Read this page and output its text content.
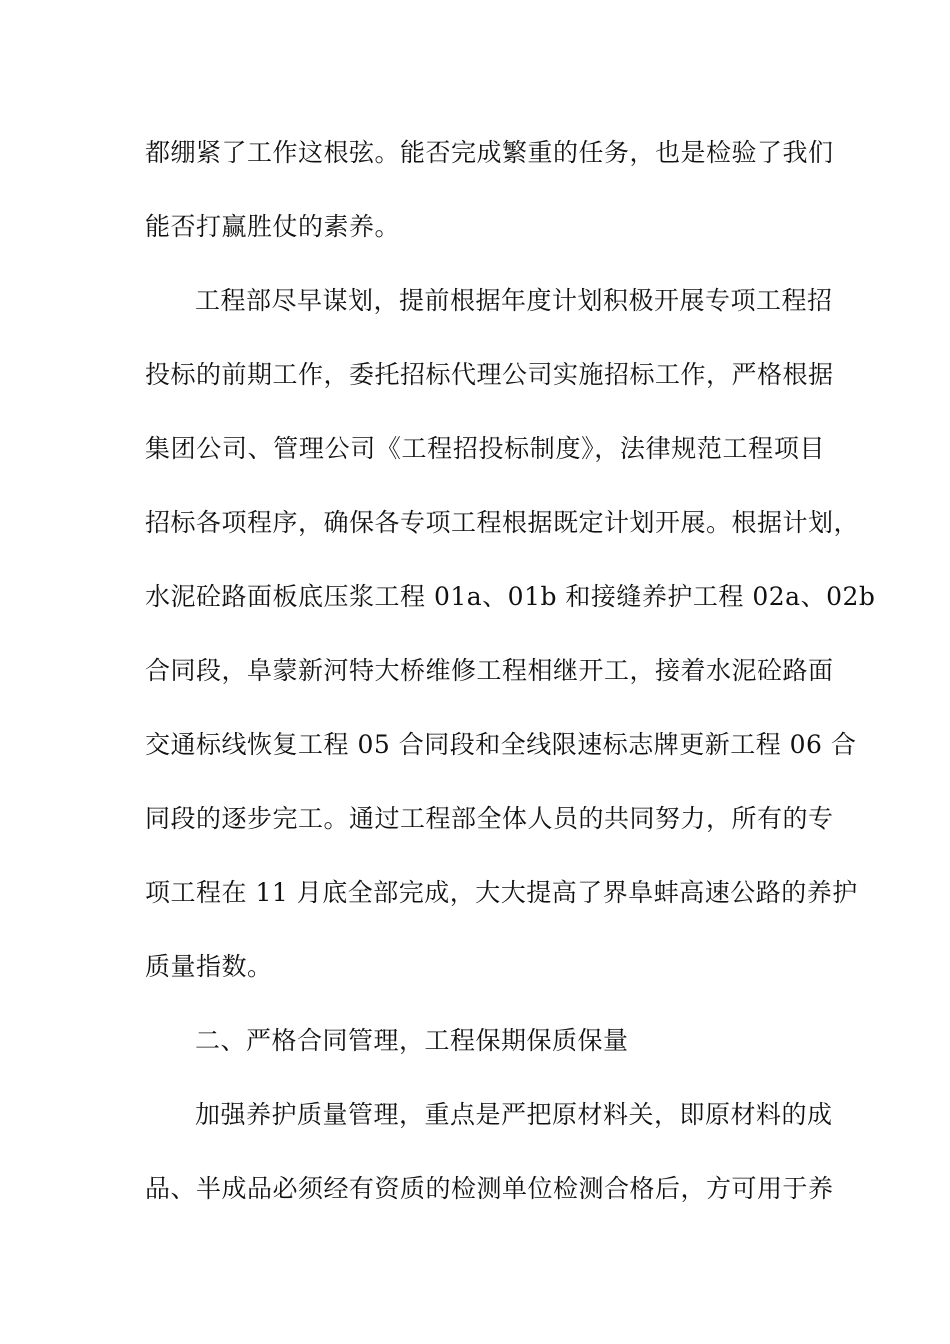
都绷紧了工作这根弦。能否完成繁重的任务，也是检验了我们
能否打赢胜仗的素养。
工程部尽早谋划，提前根据年度计划积极开展专项工程招
投标的前期工作，委托招标代理公司实施招标工作，严格根据
集团公司、管理公司《工程招投标制度》，法律规范工程项目
招标各项程序，确保各专项工程根据既定计划开展。根据计划，
水泥砼路面板底压浆工程 01a、01b 和接缝养护工程 02a、02b
合同段，阜蒙新河特大桥维修工程相继开工，接着水泥砼路面
交通标线恢复工程 05 合同段和全线限速标志牌更新工程 06 合
同段的逐步完工。通过工程部全体人员的共同努力，所有的专
项工程在 11 月底全部完成，大大提高了界阜蚌高速公路的养护
质量指数。
二、严格合同管理，工程保期保质保量
加强养护质量管理，重点是严把原材料关，即原材料的成
品、半成品必须经有资质的检测单位检测合格后，方可用于养
